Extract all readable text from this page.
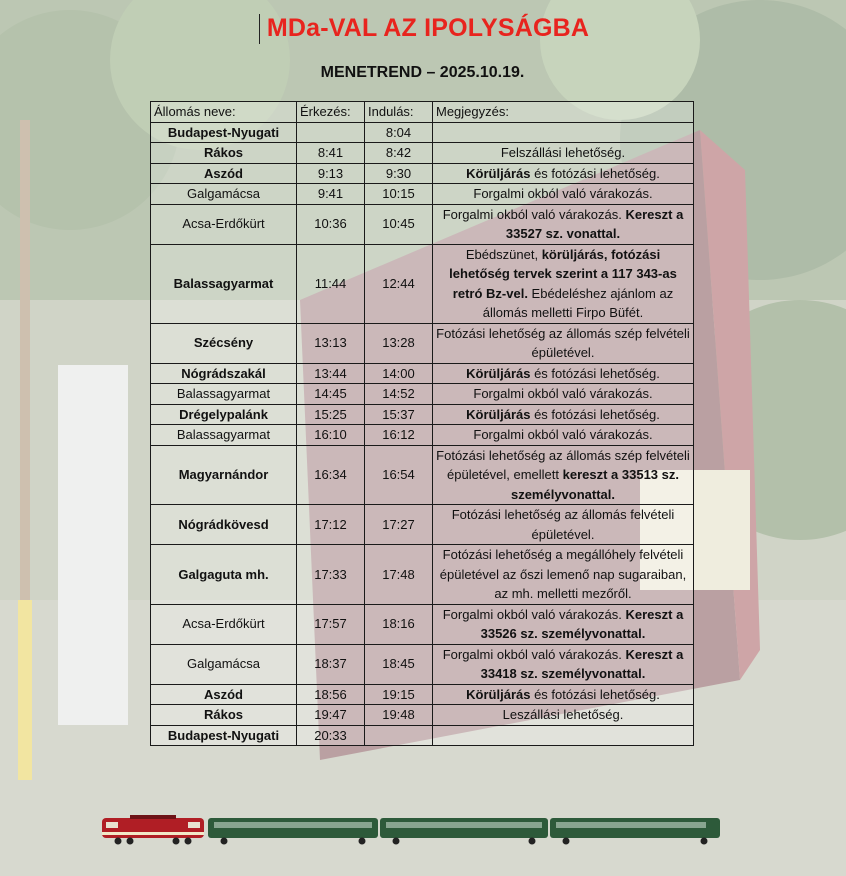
MDa-VAL AZ IPOLYSÁGBA
MENETREND – 2025.10.19.
Állomás neve:	Érkezés:	Indulás:	Megjegyzés:
Budapest-Nyugati		8:04	
Rákos	8:41	8:42	Felszállási lehetőség.
Aszód	9:13	9:30	Körüljárás és fotózási lehetőség.
Galgamácsa	9:41	10:15	Forgalmi okból való várakozás.
Acsa-Erdőkürt	10:36	10:45	Forgalmi okból való várakozás. Kereszt a 33527 sz. vonattal.
Balassagyarmat	11:44	12:44	Ebédszünet, körüljárás, fotózási lehetőség tervek szerint a 117 343-as retró Bz-vel. Ebédeléshez ajánlom az állomás melletti Firpo Büfét.
Szécsény	13:13	13:28	Fotózási lehetőség az állomás szép felvételi épületével.
Nógrádszakál	13:44	14:00	Körüljárás és fotózási lehetőség.
Balassagyarmat	14:45	14:52	Forgalmi okból való várakozás.
Drégelypalánk	15:25	15:37	Körüljárás és fotózási lehetőség.
Balassagyarmat	16:10	16:12	Forgalmi okból való várakozás.
Magyarnándor	16:34	16:54	Fotózási lehetőség az állomás szép felvételi épületével, emellett kereszt a 33513 sz. személyvonattal.
Nógrádkövesd	17:12	17:27	Fotózási lehetőség az állomás felvételi épületével.
Galgaguta mh.	17:33	17:48	Fotózási lehetőség a megállóhely felvételi épületével az őszi lemenő nap sugaraiban, az mh. melletti mezőről.
Acsa-Erdőkürt	17:57	18:16	Forgalmi okból való várakozás. Kereszt a 33526 sz. személyvonattal.
Galgamácsa	18:37	18:45	Forgalmi okból való várakozás. Kereszt a 33418 sz. személyvonattal.
Aszód	18:56	19:15	Körüljárás és fotózási lehetőség.
Rákos	19:47	19:48	Leszállási lehetőség.
Budapest-Nyugati	20:33		
